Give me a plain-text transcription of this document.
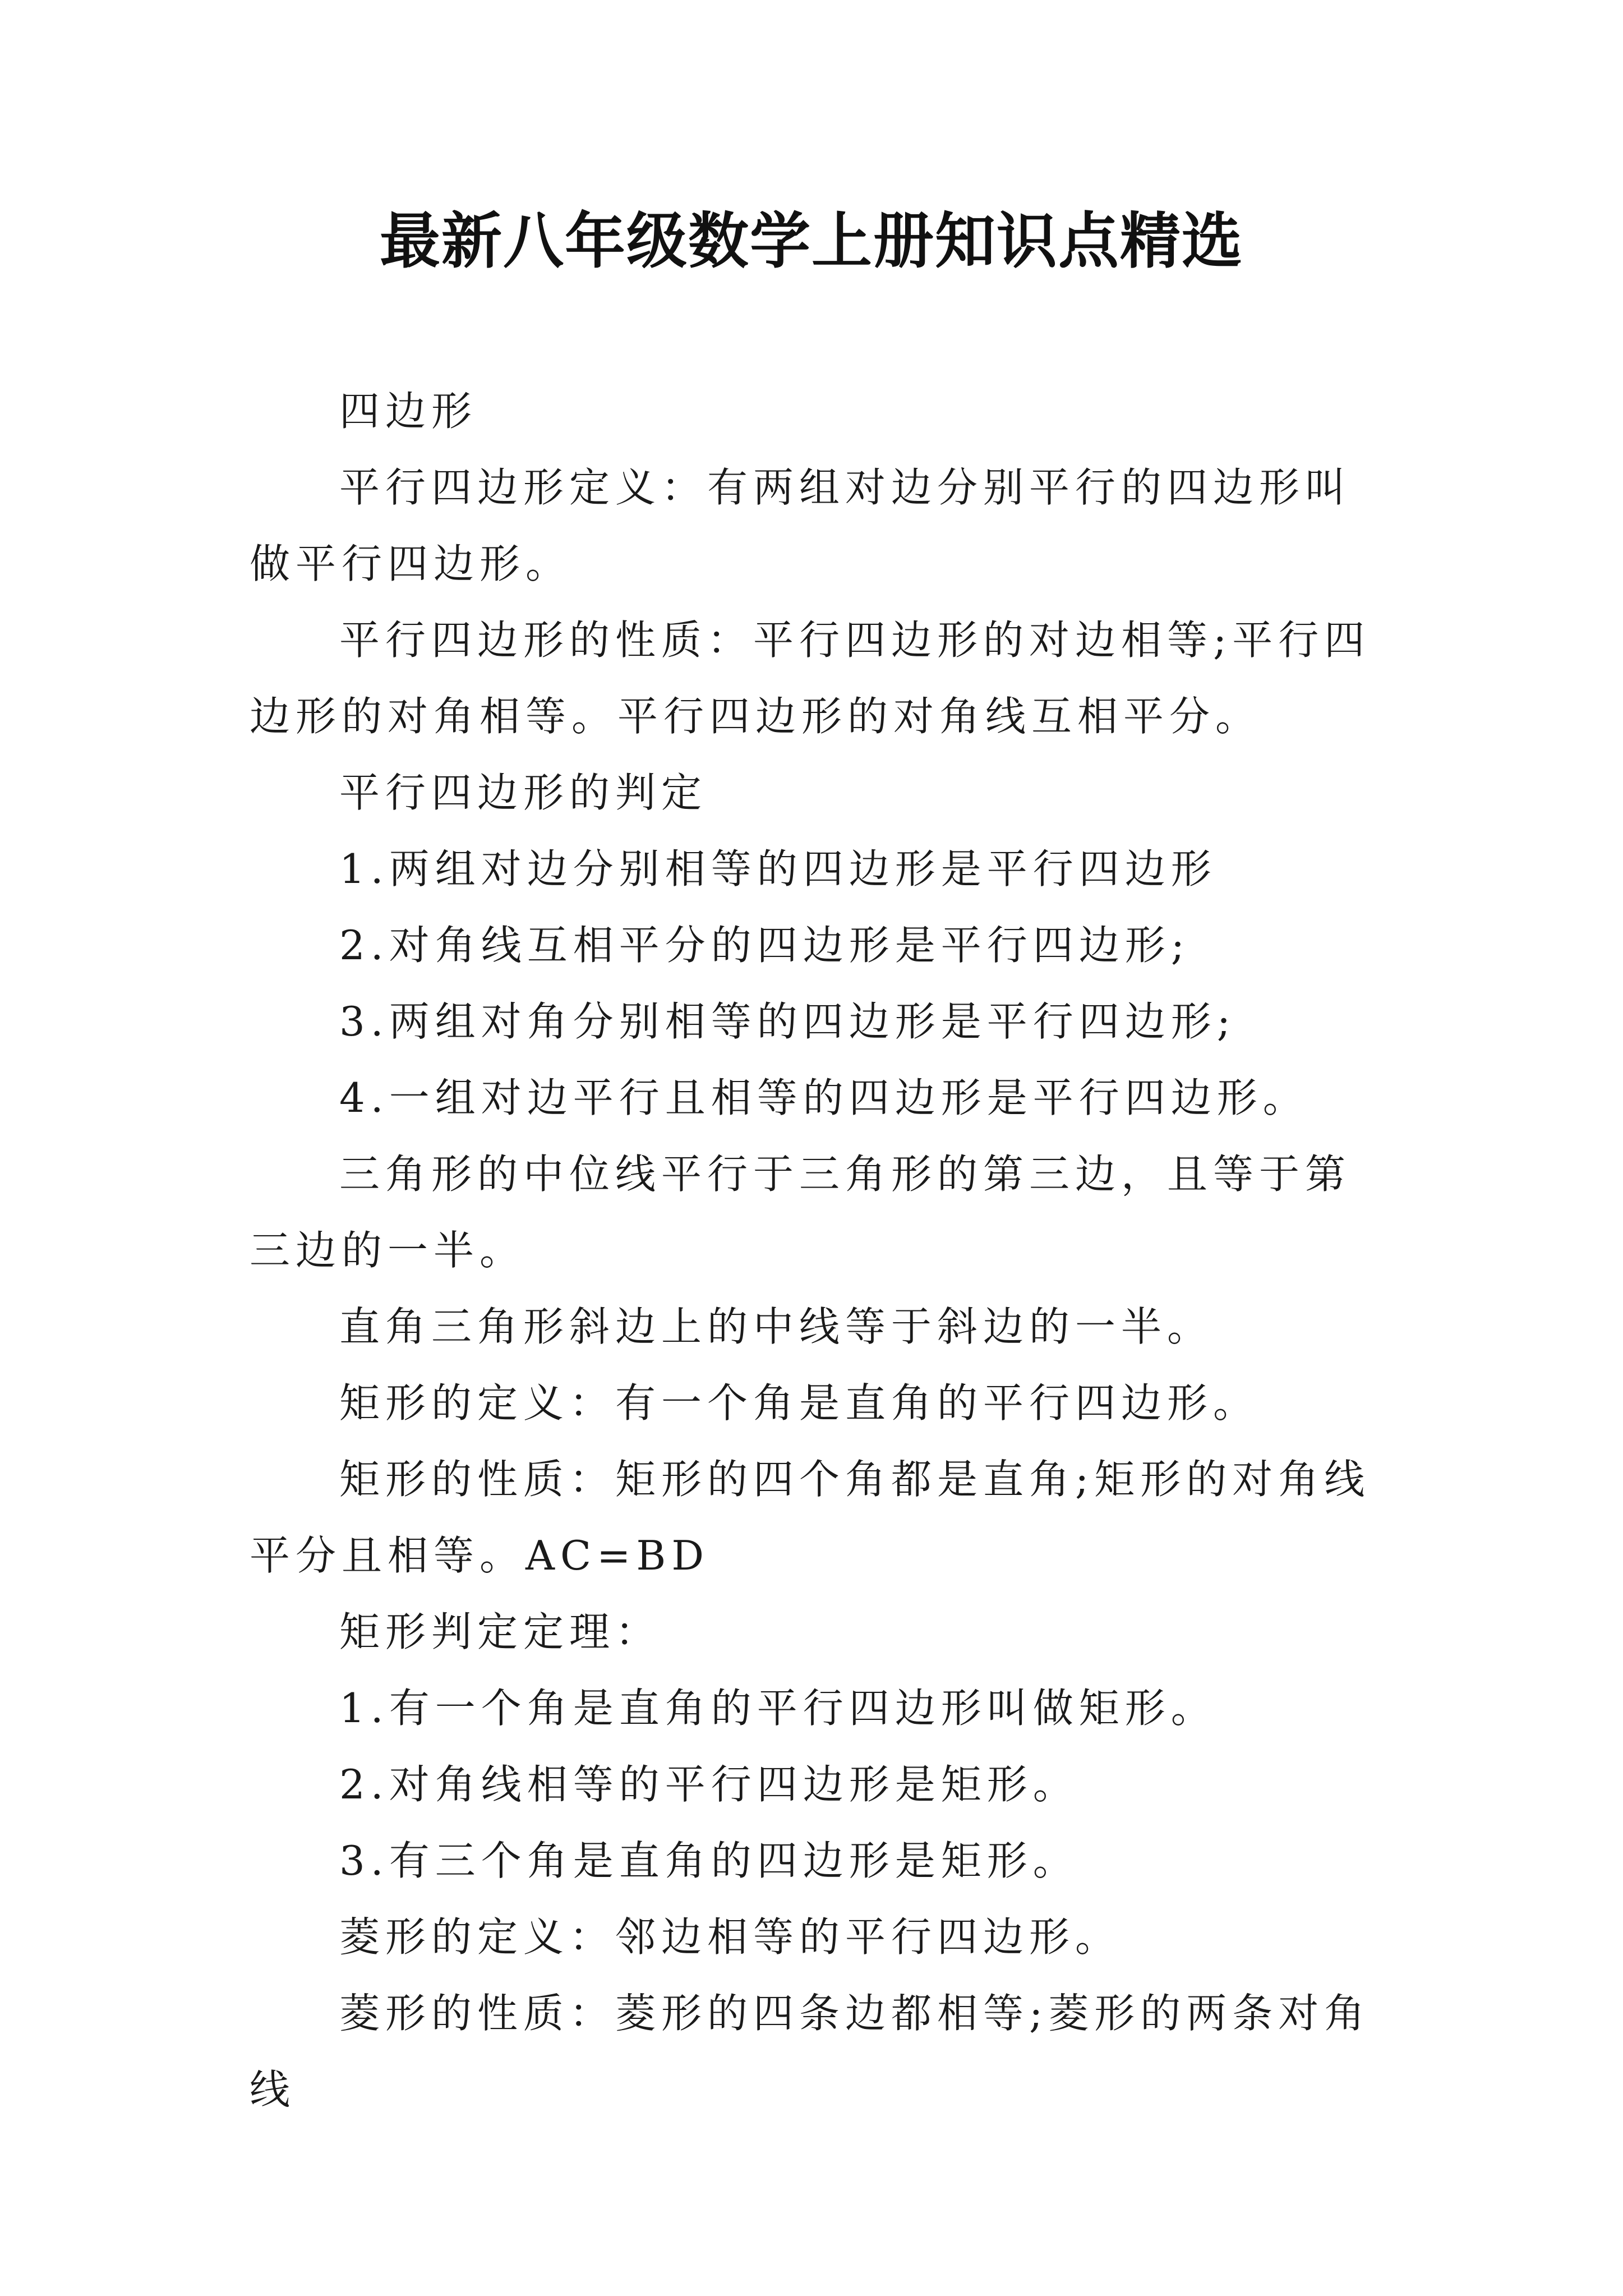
最新八年级数学上册知识点精选

四边形

平行四边形定义：有两组对边分别平行的四边形叫做平行四边形。

平行四边形的性质：平行四边形的对边相等;平行四边形的对角相等。平行四边形的对角线互相平分。

平行四边形的判定

1.两组对边分别相等的四边形是平行四边形

2.对角线互相平分的四边形是平行四边形;

3.两组对角分别相等的四边形是平行四边形;

4.一组对边平行且相等的四边形是平行四边形。

三角形的中位线平行于三角形的第三边，且等于第三边的一半。

直角三角形斜边上的中线等于斜边的一半。

矩形的定义：有一个角是直角的平行四边形。

矩形的性质：矩形的四个角都是直角;矩形的对角线平分且相等。AC=BD

矩形判定定理：

1.有一个角是直角的平行四边形叫做矩形。

2.对角线相等的平行四边形是矩形。

3.有三个角是直角的四边形是矩形。

菱形的定义：邻边相等的平行四边形。

菱形的性质：菱形的四条边都相等;菱形的两条对角线
